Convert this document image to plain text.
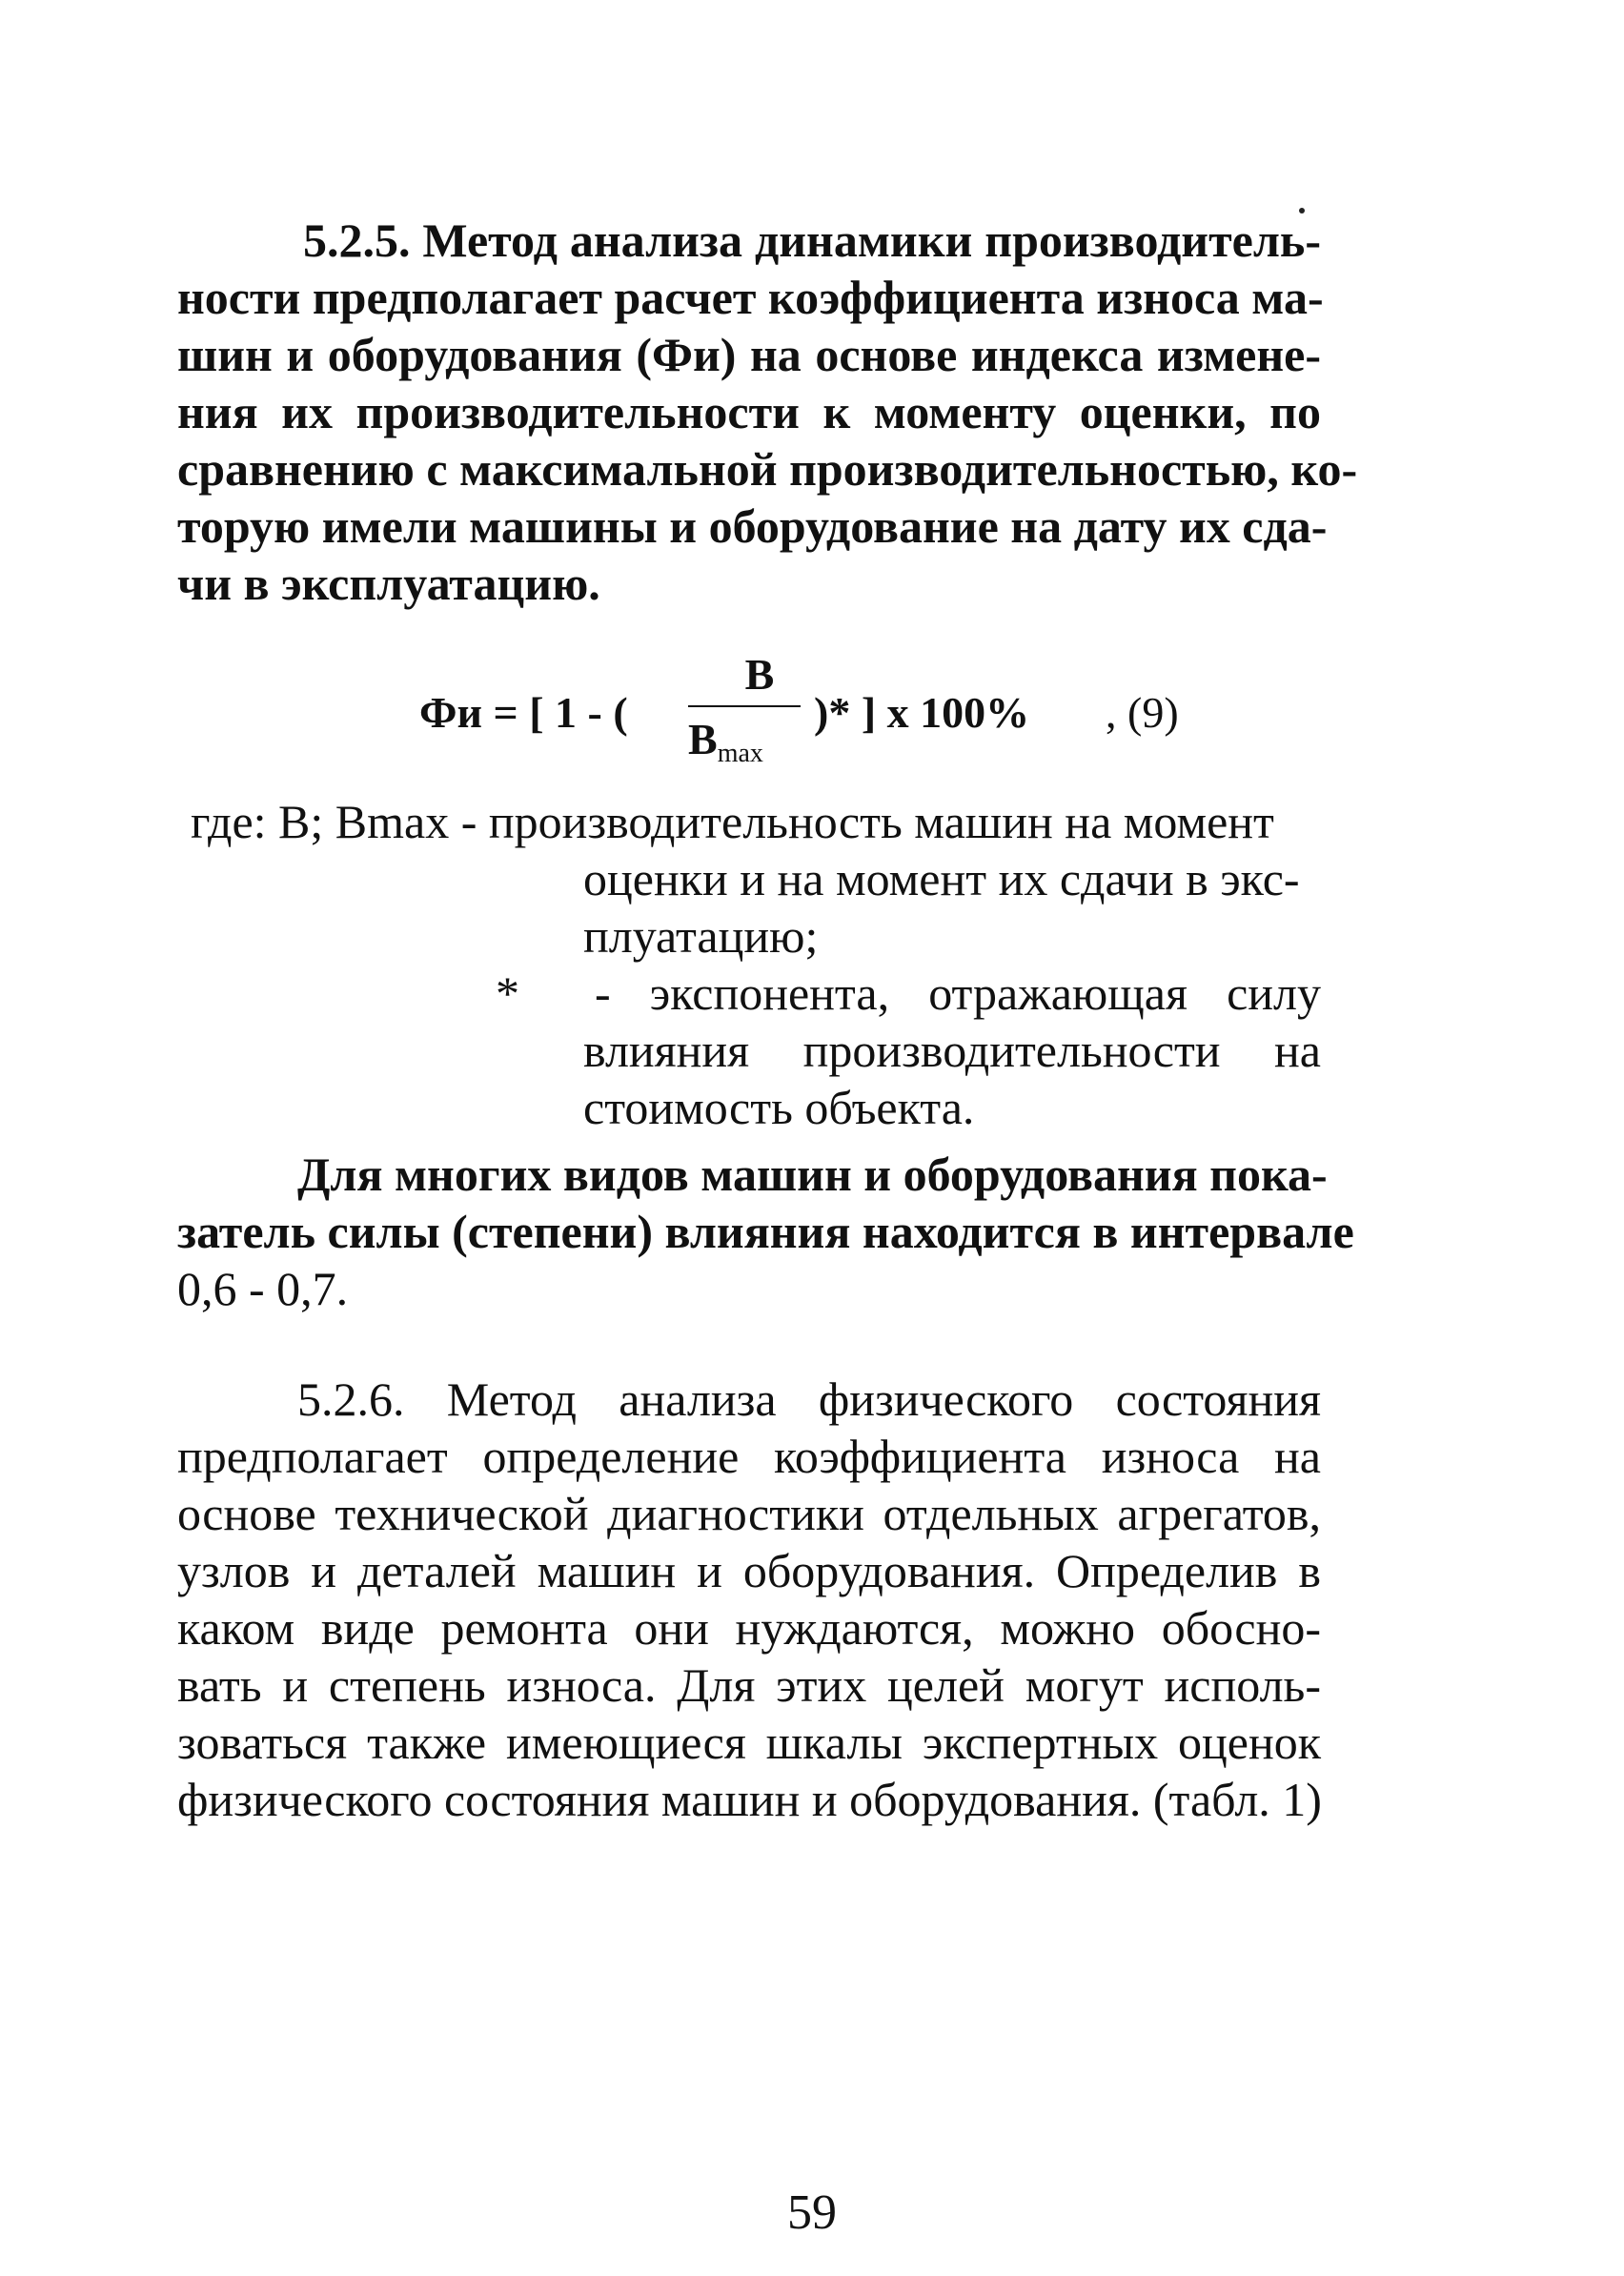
5.2.5. Метод анализа динамики производитель-
ности предполагает расчет коэффициента износа ма-
шин и оборудования (Фи) на основе индекса измене-
ния их производительности к моменту оценки, по
сравнению с максимальной производительностью, ко-
торую имели машины и оборудование на дату их сда-
чи в эксплуатацию.
Фи = [ 1 - (
B
$B_{max}$
)* ] x 100% , (9)
где: B; Bmax - производительность машин на момент
оценки и на момент их сдачи в экс-
плуатацию;
* - экспонента, отражающая силу
влияния производительности на
стоимость объекта.
Для многих видов машин и оборудования пока-
затель силы (степени) влияния находится в интервале
0,6 - 0,7.
5.2.6. Метод анализа физического состояния
предполагает определение коэффициента износа на
основе технической диагностики отдельных агрегатов,
узлов и деталей машин и оборудования. Определив в
каком виде ремонта они нуждаются, можно обосно-
вать и степень износа. Для этих целей могут исполь-
зоваться также имеющиеся шкалы экспертных оценок
физического состояния машин и оборудования. (табл. 1)
59
